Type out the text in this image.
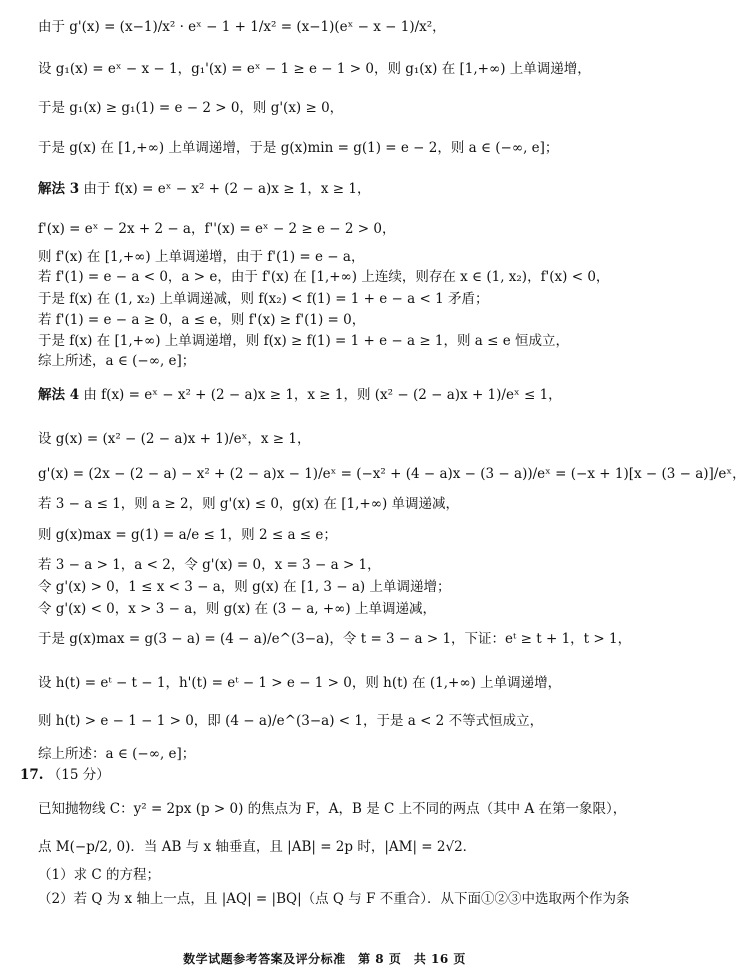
由于 g'(x) = (x−1)/x² · eˣ − 1 + 1/x² = (x−1)(eˣ − x − 1)/x²，
设 g₁(x) = eˣ − x − 1，g₁'(x) = eˣ − 1 ≥ e − 1 > 0，则 g₁(x) 在 [1,+∞) 上单调递增，
于是 g₁(x) ≥ g₁(1) = e − 2 > 0，则 g'(x) ≥ 0，
于是 g(x) 在 [1,+∞) 上单调递增，于是 g(x)min = g(1) = e − 2，则 a ∈ (−∞, e]；
解法 3 由于 f(x) = eˣ − x² + (2 − a)x ≥ 1，x ≥ 1，
f'(x) = eˣ − 2x + 2 − a，f''(x) = eˣ − 2 ≥ e − 2 > 0，
则 f'(x) 在 [1,+∞) 上单调递增，由于 f'(1) = e − a，
若 f'(1) = e − a < 0，a > e，由于 f'(x) 在 [1,+∞) 上连续，则存在 x ∈ (1, x₂)，f'(x) < 0，
于是 f(x) 在 (1, x₂) 上单调递减，则 f(x₂) < f(1) = 1 + e − a < 1 矛盾；
若 f'(1) = e − a ≥ 0，a ≤ e，则 f'(x) ≥ f'(1) = 0，
于是 f(x) 在 [1,+∞) 上单调递增，则 f(x) ≥ f(1) = 1 + e − a ≥ 1，则 a ≤ e 恒成立，
综上所述，a ∈ (−∞, e]；
解法 4 由 f(x) = eˣ − x² + (2 − a)x ≥ 1，x ≥ 1，则 (x² − (2 − a)x + 1)/eˣ ≤ 1，
设 g(x) = (x² − (2 − a)x + 1)/eˣ，x ≥ 1，
g'(x) = (2x − (2 − a) − x² + (2 − a)x − 1)/eˣ = (−x² + (4 − a)x − (3 − a))/eˣ = (−x + 1)[x − (3 − a)]/eˣ，
若 3 − a ≤ 1，则 a ≥ 2，则 g'(x) ≤ 0，g(x) 在 [1,+∞) 单调递减，
则 g(x)max = g(1) = a/e ≤ 1，则 2 ≤ a ≤ e；
若 3 − a > 1，a < 2，令 g'(x) = 0，x = 3 − a > 1，
令 g'(x) > 0，1 ≤ x < 3 − a，则 g(x) 在 [1, 3 − a) 上单调递增；
令 g'(x) < 0，x > 3 − a，则 g(x) 在 (3 − a, +∞) 上单调递减，
于是 g(x)max = g(3 − a) = (4 − a)/e^(3−a)，令 t = 3 − a > 1，下证：eᵗ ≥ t + 1，t > 1，
设 h(t) = eᵗ − t − 1，h'(t) = eᵗ − 1 > e − 1 > 0，则 h(t) 在 (1,+∞) 上单调递增，
则 h(t) > e − 1 − 1 > 0，即 (4 − a)/e^(3−a) < 1，于是 a < 2 不等式恒成立，
综上所述：a ∈ (−∞, e]；
17. （15 分）
已知抛物线 C：y² = 2px (p > 0) 的焦点为 F，A，B 是 C 上不同的两点（其中 A 在第一象限），
点 M(−p/2, 0)．当 AB 与 x 轴垂直，且 |AB| = 2p 时，|AM| = 2√2．
（1）求 C 的方程；
（2）若 Q 为 x 轴上一点，且 |AQ| = |BQ|（点 Q 与 F 不重合）．从下面①②③中选取两个作为条
数学试题参考答案及评分标准　第 8 页　共 16 页
